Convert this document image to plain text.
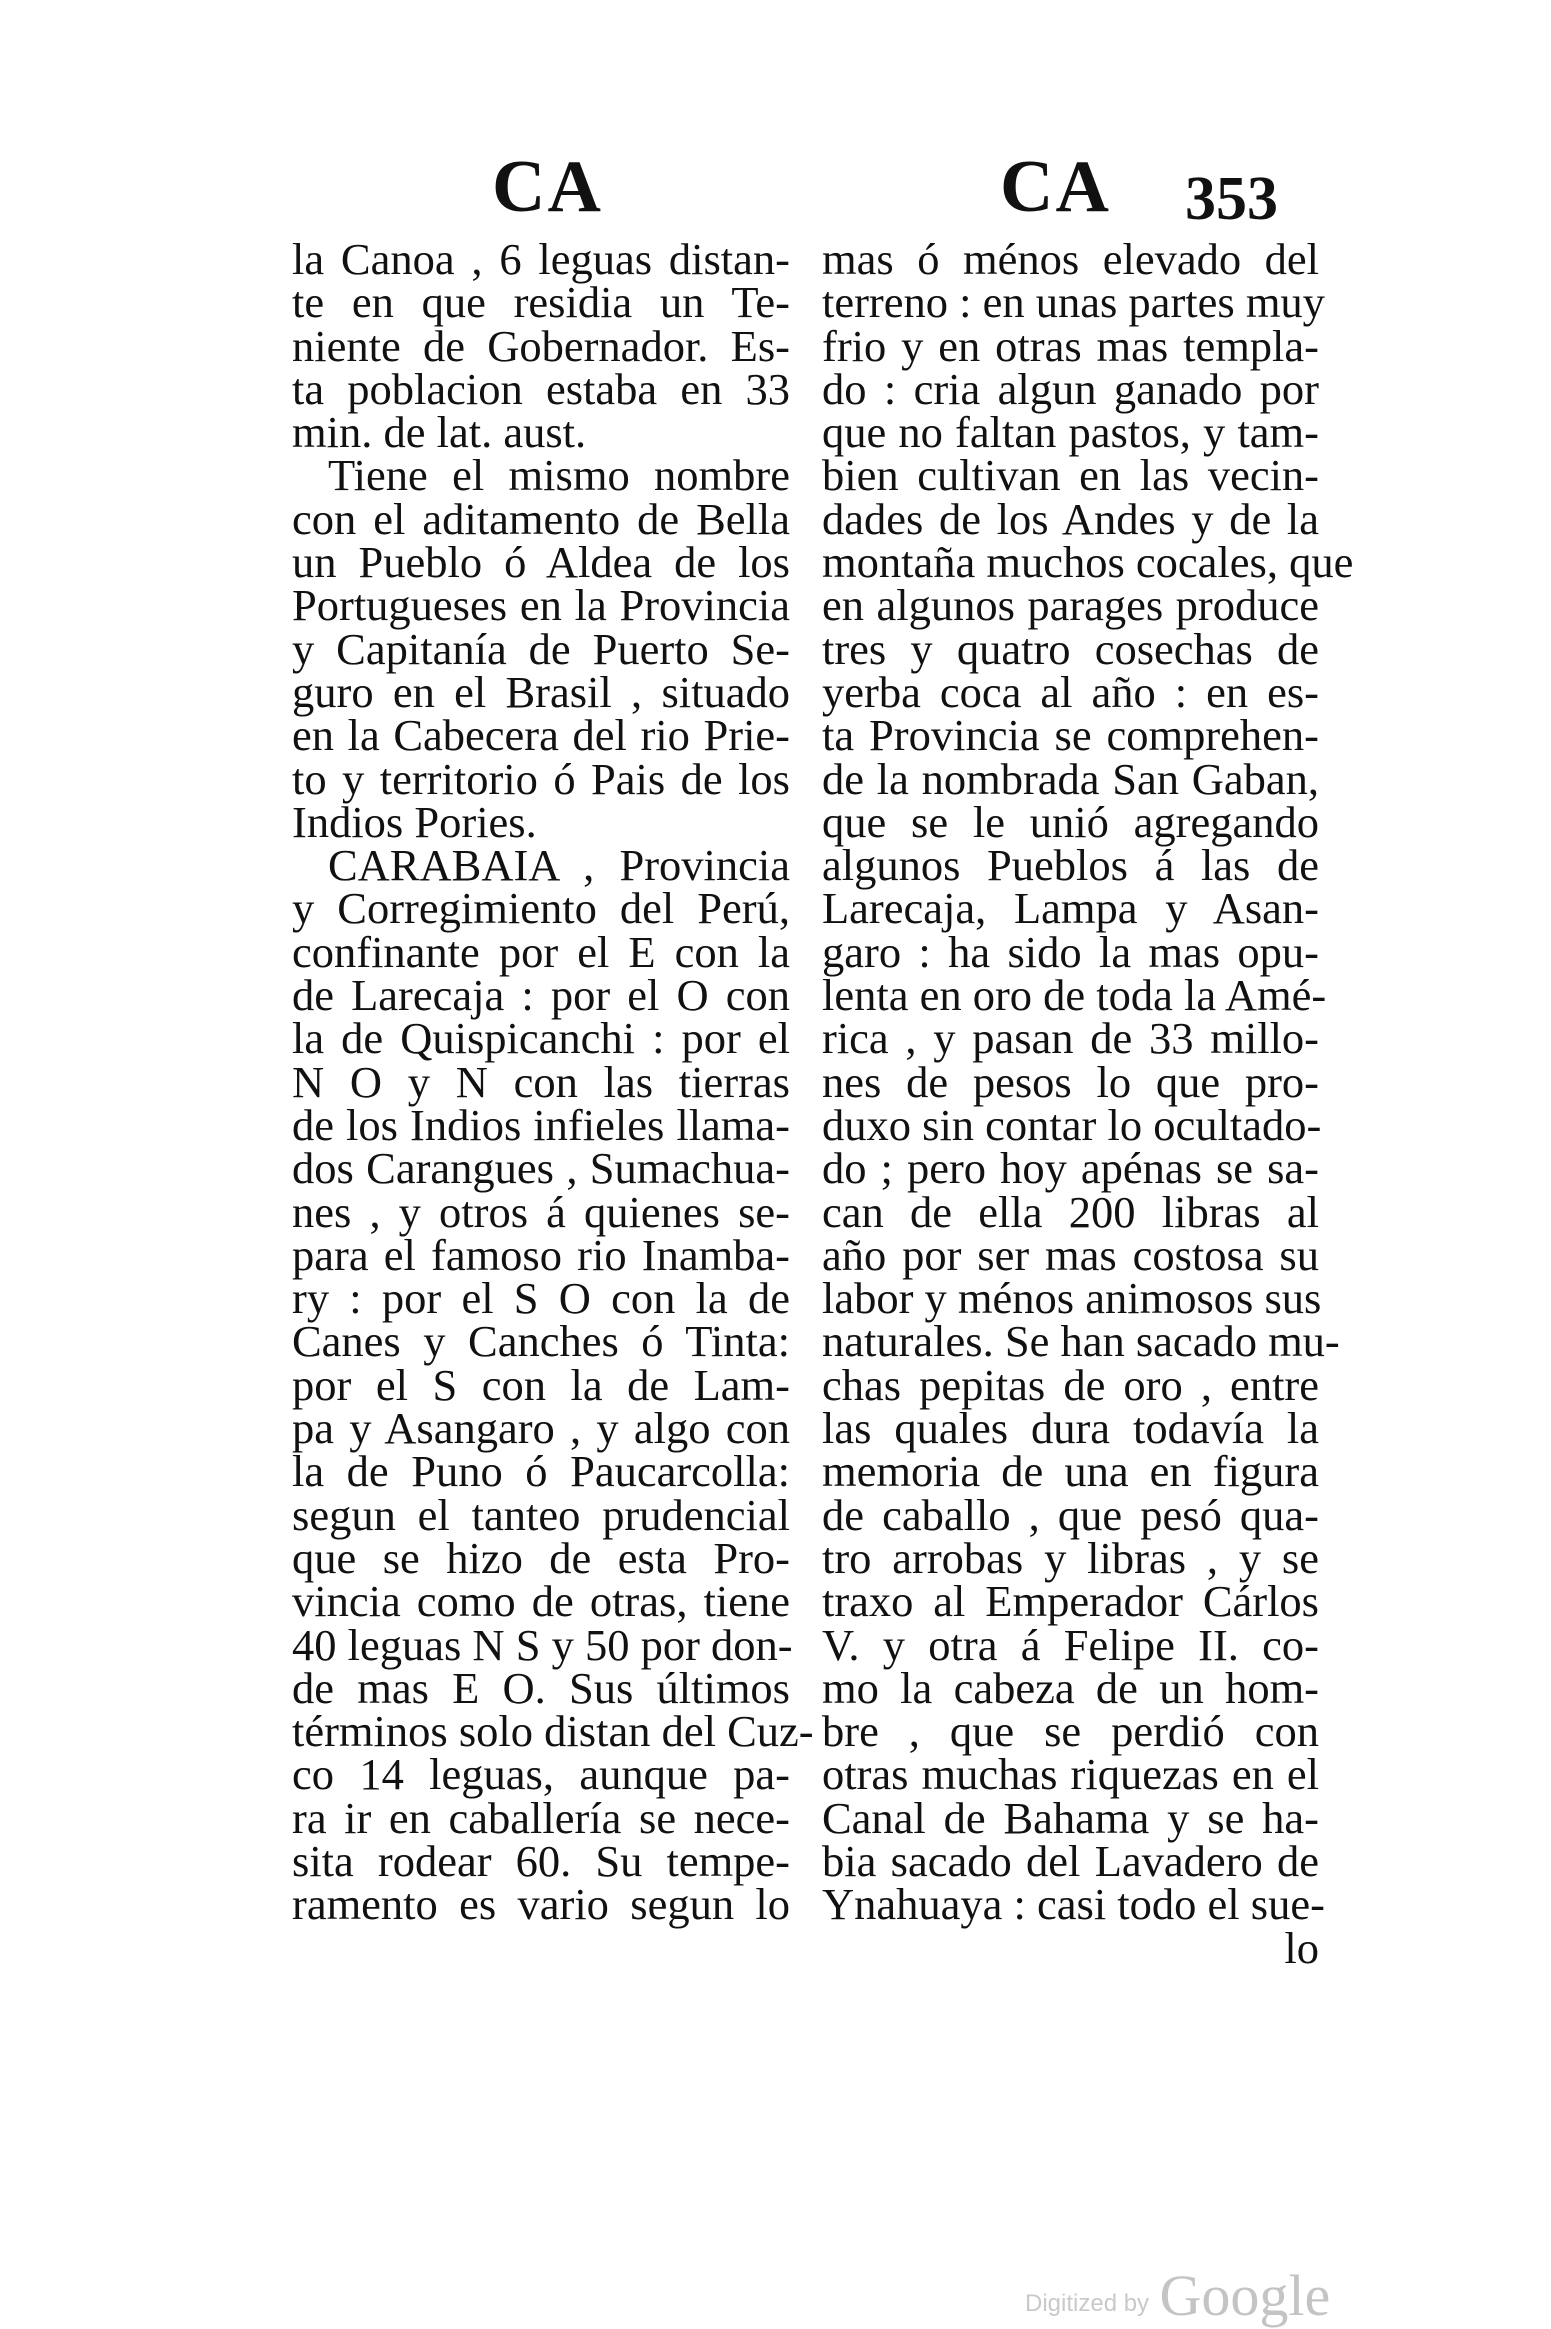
CA	CA 353
la Canoa , 6 leguas distan-
te en que residia un Te-
niente de Gobernador. Es-
ta poblacion estaba en 33
min. de lat. aust.
Tiene el mismo nombre
con el aditamento de Bella
un Pueblo ó Aldea de los
Portugueses en la Provincia
y Capitanía de Puerto Se-
guro en el Brasil , situado
en la Cabecera del rio Prie-
to y territorio ó Pais de los
Indios Pories.
CARABAIA , Provincia
y Corregimiento del Perú,
confinante por el E con la
de Larecaja : por el O con
la de Quispicanchi : por el
N O y N con las tierras
de los Indios infieles llama-
dos Carangues , Sumachua-
nes , y otros á quienes se-
para el famoso rio Inamba-
ry : por el S O con la de
Canes y Canches ó Tinta:
por el S con la de Lam-
pa y Asangaro , y algo con
la de Puno ó Paucarcolla:
segun el tanteo prudencial
que se hizo de esta Pro-
vincia como de otras, tiene
40 leguas N S y 50 por don-
de mas E O. Sus últimos
términos solo distan del Cuz-
co 14 leguas, aunque pa-
ra ir en caballería se nece-
sita rodear 60. Su tempe-
ramento es vario segun lo
mas ó ménos elevado del
terreno : en unas partes muy
frio y en otras mas templa-
do : cria algun ganado por
que no faltan pastos, y tam-
bien cultivan en las vecin-
dades de los Andes y de la
montaña muchos cocales, que
en algunos parages produce
tres y quatro cosechas de
yerba coca al año : en es-
ta Provincia se comprehen-
de la nombrada San Gaban,
que se le unió agregando
algunos Pueblos á las de
Larecaja, Lampa y Asan-
garo : ha sido la mas opu-
lenta en oro de toda la Amé-
rica , y pasan de 33 millo-
nes de pesos lo que pro-
duxo sin contar lo ocultado-
do ; pero hoy apénas se sa-
can de ella 200 libras al
año por ser mas costosa su
labor y ménos animosos sus
naturales. Se han sacado mu-
chas pepitas de oro , entre
las quales dura todavía la
memoria de una en figura
de caballo , que pesó qua-
tro arrobas y libras , y se
traxo al Emperador Cárlos
V. y otra á Felipe II. co-
mo la cabeza de un hom-
bre , que se perdió con
otras muchas riquezas en el
Canal de Bahama y se ha-
bia sacado del Lavadero de
Ynahuaya : casi todo el sue-
lo
Digitized by Google
